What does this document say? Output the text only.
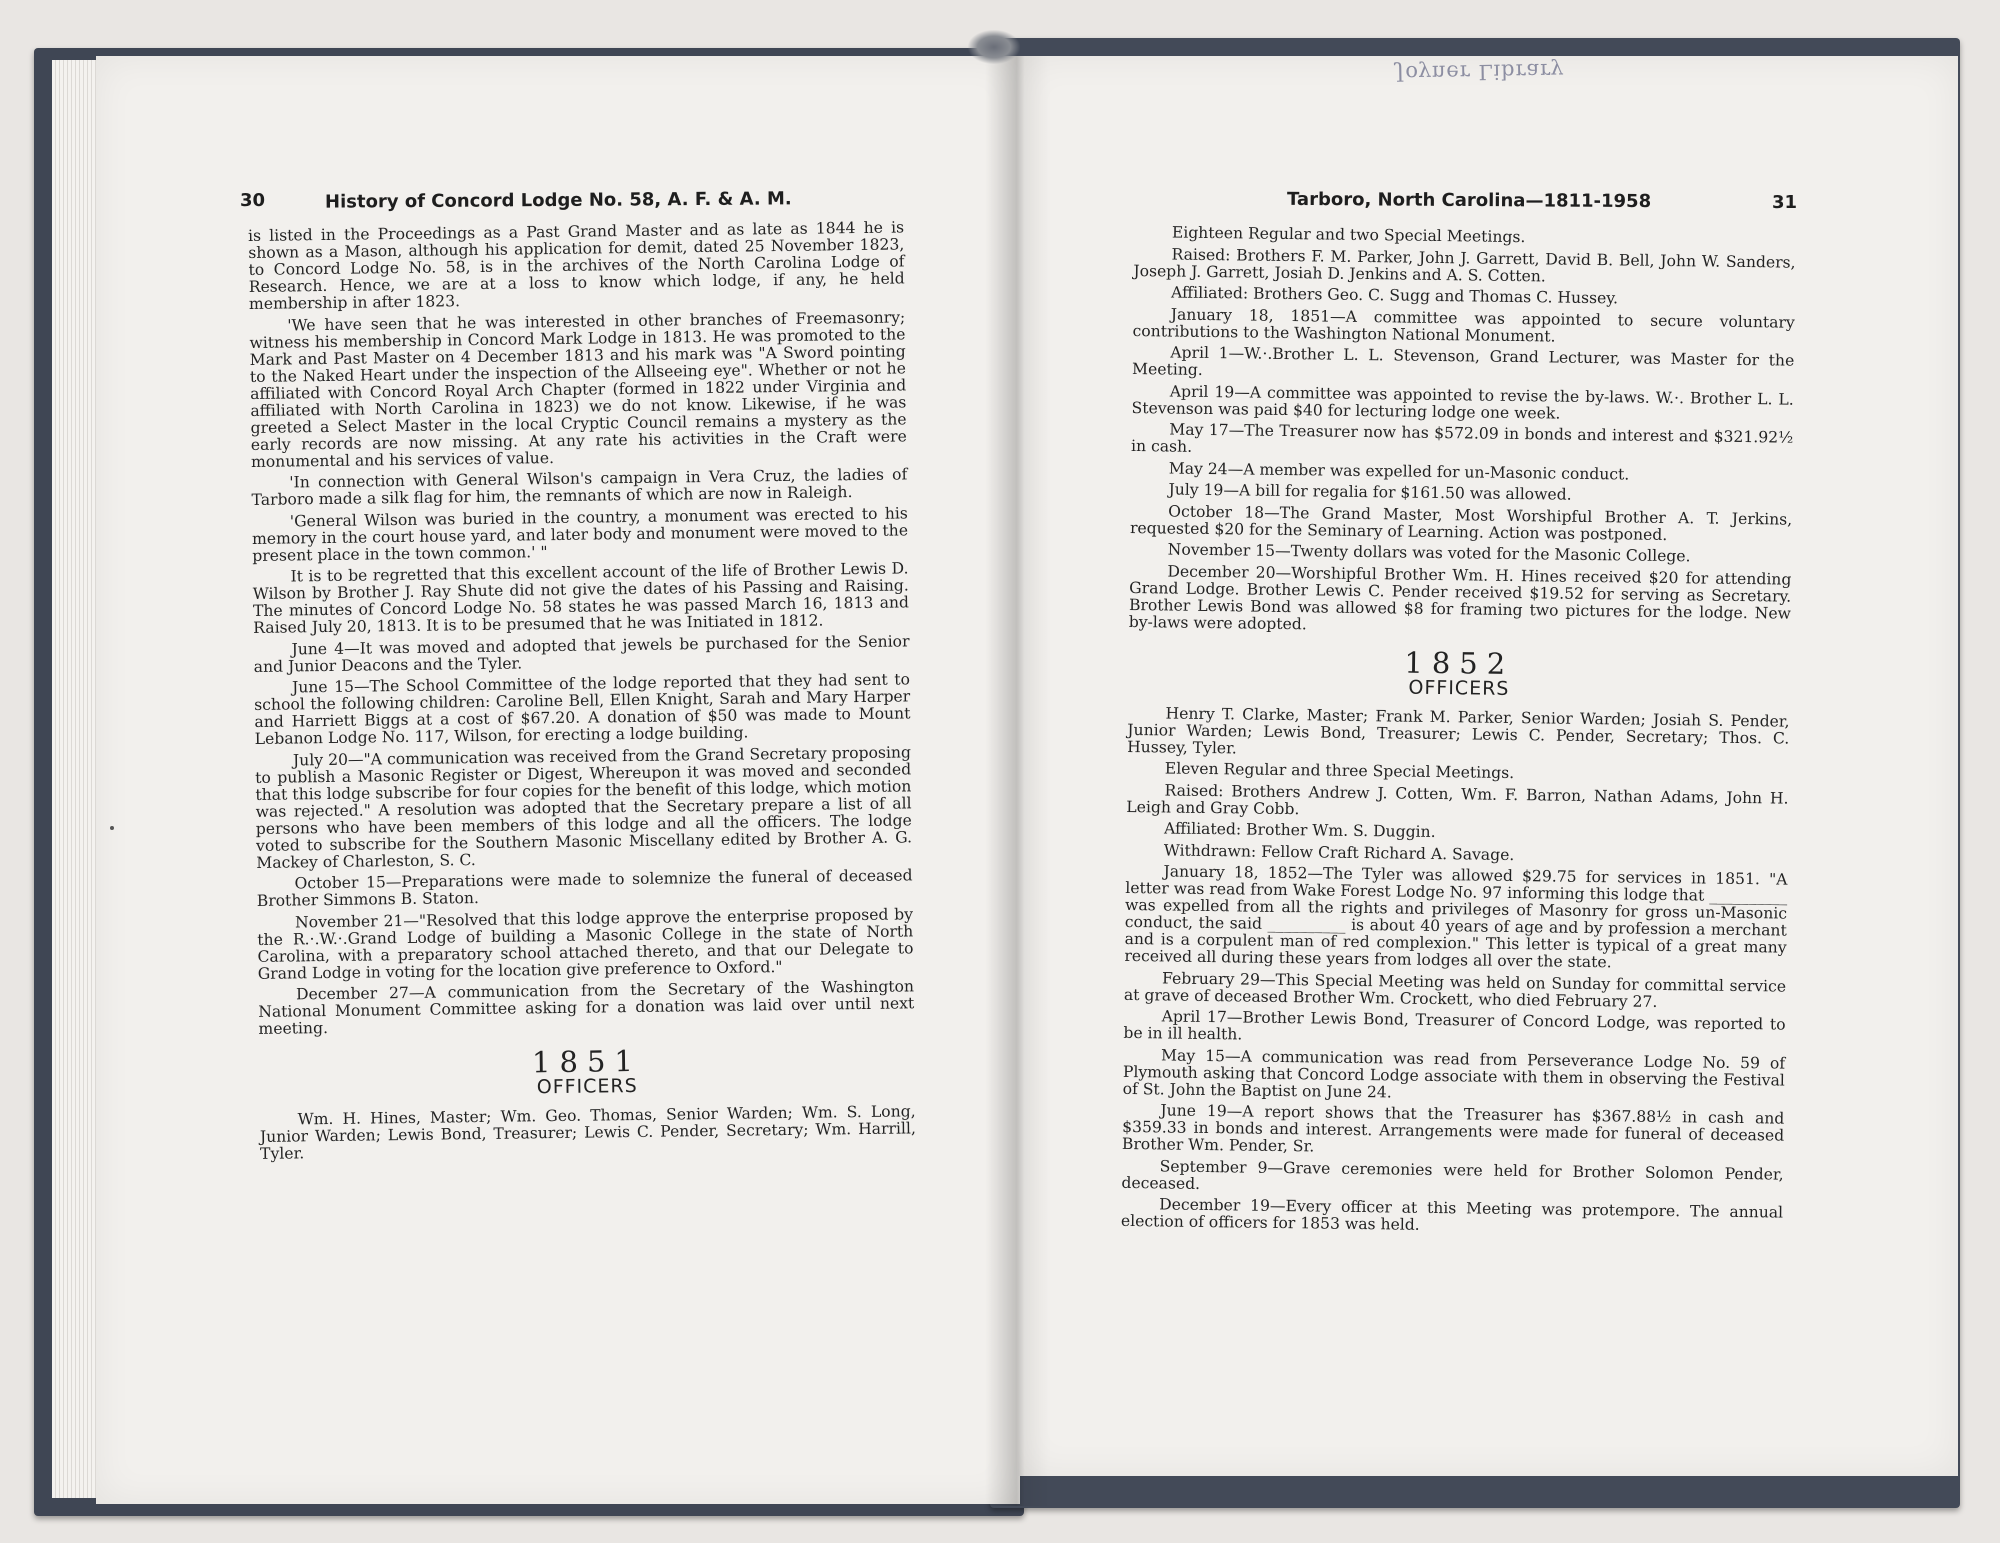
Joyner Library
30	History of Concord Lodge No. 58, A. F. & A. M.	Tarboro, North Carolina—1811-1958	31

is listed in the Proceedings as a Past Grand Master and as late as 1844 he is shown as a Mason, although his application for demit, dated 25 November 1823, to Concord Lodge No. 58, is in the archives of the North Carolina Lodge of Research. Hence, we are at a loss to know which lodge, if any, he held membership in after 1823.

'We have seen that he was interested in other branches of Freemasonry; witness his membership in Concord Mark Lodge in 1813. He was promoted to the Mark and Past Master on 4 December 1813 and his mark was "A Sword pointing to the Naked Heart under the inspection of the Allseeing eye". Whether or not he affiliated with Concord Royal Arch Chapter (formed in 1822 under Virginia and affiliated with North Carolina in 1823) we do not know. Likewise, if he was greeted a Select Master in the local Cryptic Council remains a mystery as the early records are now missing. At any rate his activities in the Craft were monumental and his services of value.

'In connection with General Wilson's campaign in Vera Cruz, the ladies of Tarboro made a silk flag for him, the remnants of which are now in Raleigh.

'General Wilson was buried in the country, a monument was erected to his memory in the court house yard, and later body and monument were moved to the present place in the town common.' "

It is to be regretted that this excellent account of the life of Brother Lewis D. Wilson by Brother J. Ray Shute did not give the dates of his Passing and Raising. The minutes of Concord Lodge No. 58 states he was passed March 16, 1813 and Raised July 20, 1813. It is to be presumed that he was Initiated in 1812.

June 4—It was moved and adopted that jewels be purchased for the Senior and Junior Deacons and the Tyler.

June 15—The School Committee of the lodge reported that they had sent to school the following children: Caroline Bell, Ellen Knight, Sarah and Mary Harper and Harriett Biggs at a cost of $67.20. A donation of $50 was made to Mount Lebanon Lodge No. 117, Wilson, for erecting a lodge building.

July 20—"A communication was received from the Grand Secretary proposing to publish a Masonic Register or Digest, Whereupon it was moved and seconded that this lodge subscribe for four copies for the benefit of this lodge, which motion was rejected." A resolution was adopted that the Secretary prepare a list of all persons who have been members of this lodge and all the officers. The lodge voted to subscribe for the Southern Masonic Miscellany edited by Brother A. G. Mackey of Charleston, S. C.

October 15—Preparations were made to solemnize the funeral of deceased Brother Simmons B. Staton.

November 21—"Resolved that this lodge approve the enterprise proposed by the R.·.W.·.Grand Lodge of building a Masonic College in the state of North Carolina, with a preparatory school attached thereto, and that our Delegate to Grand Lodge in voting for the location give preference to Oxford."

December 27—A communication from the Secretary of the Washington National Monument Committee asking for a donation was laid over until next meeting.

1851
OFFICERS

Wm. H. Hines, Master; Wm. Geo. Thomas, Senior Warden; Wm. S. Long, Junior Warden; Lewis Bond, Treasurer; Lewis C. Pender, Secretary; Wm. Harrill, Tyler.

Eighteen Regular and two Special Meetings.

Raised: Brothers F. M. Parker, John J. Garrett, David B. Bell, John W. Sanders, Joseph J. Garrett, Josiah D. Jenkins and A. S. Cotten.

Affiliated: Brothers Geo. C. Sugg and Thomas C. Hussey.

January 18, 1851—A committee was appointed to secure voluntary contributions to the Washington National Monument.

April 1—W.·.Brother L. L. Stevenson, Grand Lecturer, was Master for the Meeting.

April 19—A committee was appointed to revise the by-laws. W.·. Brother L. L. Stevenson was paid $40 for lecturing lodge one week.

May 17—The Treasurer now has $572.09 in bonds and interest and $321.92½ in cash.

May 24—A member was expelled for un-Masonic conduct.

July 19—A bill for regalia for $161.50 was allowed.

October 18—The Grand Master, Most Worshipful Brother A. T. Jerkins, requested $20 for the Seminary of Learning. Action was postponed.

November 15—Twenty dollars was voted for the Masonic College.

December 20—Worshipful Brother Wm. H. Hines received $20 for attending Grand Lodge. Brother Lewis C. Pender received $19.52 for serving as Secretary. Brother Lewis Bond was allowed $8 for framing two pictures for the lodge. New by-laws were adopted.

1852
OFFICERS

Henry T. Clarke, Master; Frank M. Parker, Senior Warden; Josiah S. Pender, Junior Warden; Lewis Bond, Treasurer; Lewis C. Pender, Secretary; Thos. C. Hussey, Tyler.

Eleven Regular and three Special Meetings.

Raised: Brothers Andrew J. Cotten, Wm. F. Barron, Nathan Adams, John H. Leigh and Gray Cobb.

Affiliated: Brother Wm. S. Duggin.

Withdrawn: Fellow Craft Richard A. Savage.

January 18, 1852—The Tyler was allowed $29.75 for services in 1851. "A letter was read from Wake Forest Lodge No. 97 informing this lodge that __________ was expelled from all the rights and privileges of Masonry for gross un-Masonic conduct, the said __________ is about 40 years of age and by profession a merchant and is a corpulent man of red complexion." This letter is typical of a great many received all during these years from lodges all over the state.

February 29—This Special Meeting was held on Sunday for committal service at grave of deceased Brother Wm. Crockett, who died February 27.

April 17—Brother Lewis Bond, Treasurer of Concord Lodge, was reported to be in ill health.

May 15—A communication was read from Perseverance Lodge No. 59 of Plymouth asking that Concord Lodge associate with them in observing the Festival of St. John the Baptist on June 24.

June 19—A report shows that the Treasurer has $367.88½ in cash and $359.33 in bonds and interest. Arrangements were made for funeral of deceased Brother Wm. Pender, Sr.

September 9—Grave ceremonies were held for Brother Solomon Pender, deceased.

December 19—Every officer at this Meeting was protempore. The annual election of officers for 1853 was held.
